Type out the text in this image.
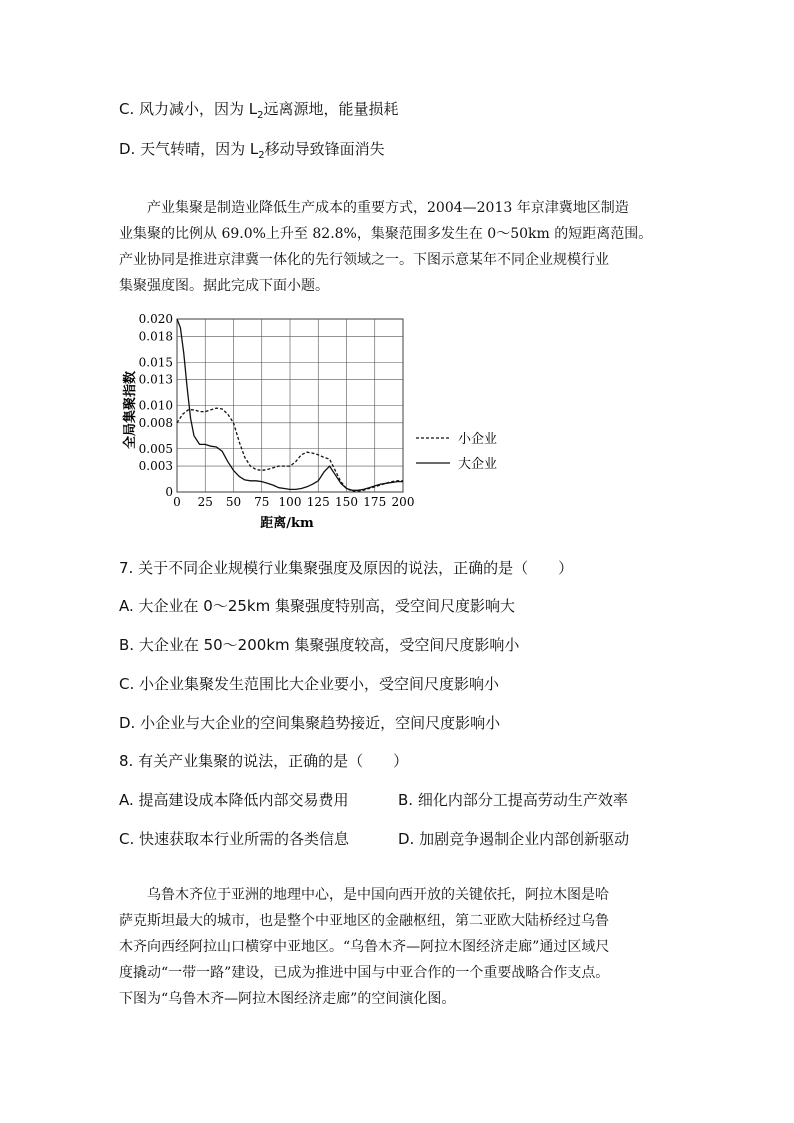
C. 风力减小，因为 $L_2$远离源地，能量损耗
D. 天气转晴，因为 $L_2$移动导致锋面消失

产业集聚是制造业降低生产成本的重要方式，2004—2013 年京津冀地区制造

业集聚的比例从 69.0%上升至 82.8%，集聚范围多发生在 0～50km 的短距离范围。

产业协同是推进京津冀一体化的先行领域之一。下图示意某年不同企业规模行业

集聚强度图。据此完成下面小题。

0 25 50 75 100 125 150 175 200
0
0.003
0.005
0.008
0.010
0.013
0.015
0.018
0.020
全局集聚指数
距离/km
小企业
大企业
7. 关于不同企业规模行业集聚强度及原因的说法，正确的是（　　）
A. 大企业在 0～25km 集聚强度特别高，受空间尺度影响大
B. 大企业在 50～200km 集聚强度较高，受空间尺度影响小
C. 小企业集聚发生范围比大企业要小，受空间尺度影响小
D. 小企业与大企业的空间集聚趋势接近，空间尺度影响小
8. 有关产业集聚的说法，正确的是（　　）
A. 提高建设成本降低内部交易费用	B. 细化内部分工提高劳动生产效率
C. 快速获取本行业所需的各类信息	D. 加剧竞争遏制企业内部创新驱动

乌鲁木齐位于亚洲的地理中心，是中国向西开放的关键依托，阿拉木图是哈

萨克斯坦最大的城市，也是整个中亚地区的金融枢纽，第二亚欧大陆桥经过乌鲁

木齐向西经阿拉山口横穿中亚地区。“乌鲁木齐—阿拉木图经济走廊”通过区域尺

度撬动“一带一路”建设，已成为推进中国与中亚合作的一个重要战略合作支点。

下图为“乌鲁木齐—阿拉木图经济走廊”的空间演化图。
